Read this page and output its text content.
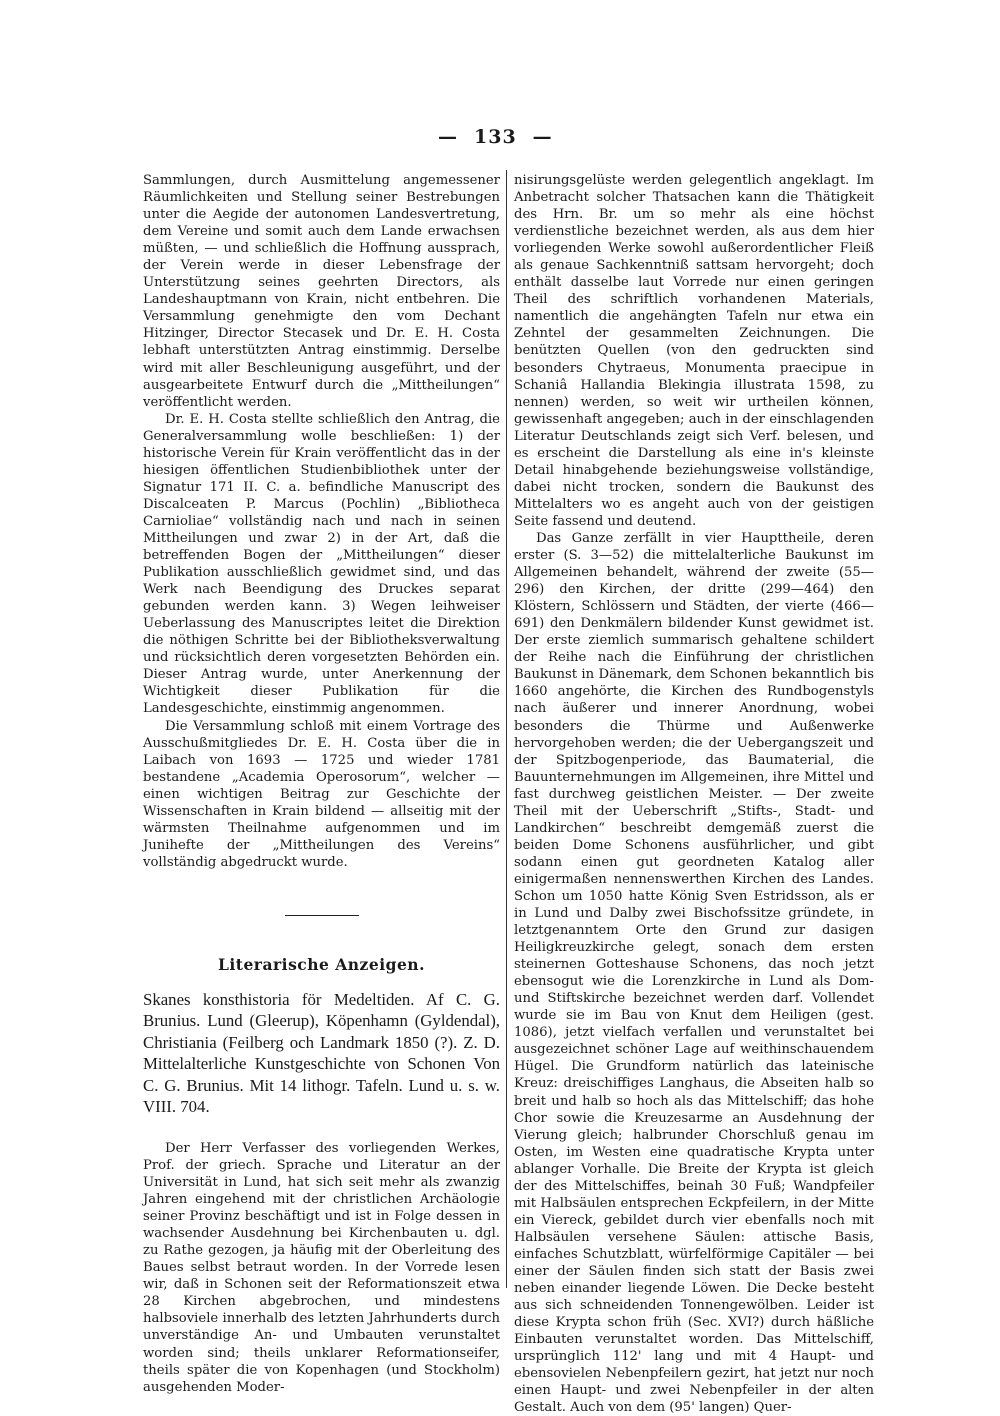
— 133 —

Sammlungen, durch Ausmittelung angemessener Räumlichkeiten und Stellung seiner Bestrebungen unter die Aegide der autonomen Landesvertretung, dem Vereine und somit auch dem Lande erwachsen müßten, — und schließlich die Hoffnung aussprach, der Verein werde in dieser Lebensfrage der Unterstützung seines geehrten Directors, als Landeshauptmann von Krain, nicht entbehren. Die Versammlung genehmigte den vom Dechant Hitzinger, Director Stecasek und Dr. E. H. Costa lebhaft unterstützten Antrag einstimmig. Derselbe wird mit aller Beschleunigung ausgeführt, und der ausgearbeitete Entwurf durch die „Mittheilungen“ veröffentlicht werden.

Dr. E. H. Costa stellte schließlich den Antrag, die Generalversammlung wolle beschließen: 1) der historische Verein für Krain veröffentlicht das in der hiesigen öffentlichen Studienbibliothek unter der Signatur 171 II. C. a. befindliche Manuscript des Discalceaten P. Marcus (Pochlin) „Bibliotheca Carnioliae“ vollständig nach und nach in seinen Mittheilungen und zwar 2) in der Art, daß die betreffenden Bogen der „Mittheilungen“ dieser Publikation ausschließlich gewidmet sind, und das Werk nach Beendigung des Druckes separat gebunden werden kann. 3) Wegen leihweiser Ueberlassung des Manuscriptes leitet die Direktion die nöthigen Schritte bei der Bibliotheksverwaltung und rücksichtlich deren vorgesetzten Behörden ein. Dieser Antrag wurde, unter Anerkennung der Wichtigkeit dieser Publikation für die Landesgeschichte, einstimmig angenommen.

Die Versammlung schloß mit einem Vortrage des Ausschußmitgliedes Dr. E. H. Costa über die in Laibach von 1693 — 1725 und wieder 1781 bestandene „Academia Operosorum“, welcher — einen wichtigen Beitrag zur Geschichte der Wissenschaften in Krain bildend — allseitig mit der wärmsten Theilnahme aufgenommen und im Junihefte der „Mittheilungen des Vereins“ vollständig abgedruckt wurde.

Literarische Anzeigen.
Skanes konsthistoria för Medeltiden. Af C. G. Brunius. Lund (Gleerup), Köpenhamn (Gyldendal), Christiania (Feilberg och Landmark 1850 (?). Z. D. Mittelalterliche Kunstgeschichte von Schonen Von C. G. Brunius. Mit 14 lithogr. Tafeln. Lund u. s. w. VIII. 704.

Der Herr Verfasser des vorliegenden Werkes, Prof. der griech. Sprache und Literatur an der Universität in Lund, hat sich seit mehr als zwanzig Jahren eingehend mit der christlichen Archäologie seiner Provinz beschäftigt und ist in Folge dessen in wachsender Ausdehnung bei Kirchenbauten u. dgl. zu Rathe gezogen, ja häufig mit der Oberleitung des Baues selbst betraut worden. In der Vorrede lesen wir, daß in Schonen seit der Reformationszeit etwa 28 Kirchen abgebrochen, und mindestens halbsoviele innerhalb des letzten Jahrhunderts durch unverständige An- und Umbauten verunstaltet worden sind; theils unklarer Reformationseifer, theils später die von Kopenhagen (und Stockholm) ausgehenden Moder-

nisirungsgelüste werden gelegentlich angeklagt. Im Anbetracht solcher Thatsachen kann die Thätigkeit des Hrn. Br. um so mehr als eine höchst verdienstliche bezeichnet werden, als aus dem hier vorliegenden Werke sowohl außerordentlicher Fleiß als genaue Sachkenntniß sattsam hervorgeht; doch enthält dasselbe laut Vorrede nur einen geringen Theil des schriftlich vorhandenen Materials, namentlich die angehängten Tafeln nur etwa ein Zehntel der gesammelten Zeichnungen. Die benützten Quellen (von den gedruckten sind besonders Chytraeus, Monumenta praecipue in Schaniâ Hallandia Blekingia illustrata 1598, zu nennen) werden, so weit wir urtheilen können, gewissenhaft angegeben; auch in der einschlagenden Literatur Deutschlands zeigt sich Verf. belesen, und es erscheint die Darstellung als eine in's kleinste Detail hinabgehende beziehungsweise vollständige, dabei nicht trocken, sondern die Baukunst des Mittelalters wo es angeht auch von der geistigen Seite fassend und deutend.

Das Ganze zerfällt in vier Haupttheile, deren erster (S. 3—52) die mittelalterliche Baukunst im Allgemeinen behandelt, während der zweite (55—296) den Kirchen, der dritte (299—464) den Klöstern, Schlössern und Städten, der vierte (466—691) den Denkmälern bildender Kunst gewidmet ist. Der erste ziemlich summarisch gehaltene schildert der Reihe nach die Einführung der christlichen Baukunst in Dänemark, dem Schonen bekanntlich bis 1660 angehörte, die Kirchen des Rundbogenstyls nach äußerer und innerer Anordnung, wobei besonders die Thürme und Außenwerke hervorgehoben werden; die der Uebergangszeit und der Spitzbogenperiode, das Baumaterial, die Bauunternehmungen im Allgemeinen, ihre Mittel und fast durchweg geistlichen Meister. — Der zweite Theil mit der Ueberschrift „Stifts-, Stadt- und Landkirchen“ beschreibt demgemäß zuerst die beiden Dome Schonens ausführlicher, und gibt sodann einen gut geordneten Katalog aller einigermaßen nennenswerthen Kirchen des Landes. Schon um 1050 hatte König Sven Estridsson, als er in Lund und Dalby zwei Bischofssitze gründete, in letztgenanntem Orte den Grund zur dasigen Heiligkreuzkirche gelegt, sonach dem ersten steinernen Gotteshause Schonens, das noch jetzt ebensogut wie die Lorenzkirche in Lund als Dom- und Stiftskirche bezeichnet werden darf. Vollendet wurde sie im Bau von Knut dem Heiligen (gest. 1086), jetzt vielfach verfallen und verunstaltet bei ausgezeichnet schöner Lage auf weithinschauendem Hügel. Die Grundform natürlich das lateinische Kreuz: dreischiffiges Langhaus, die Abseiten halb so breit und halb so hoch als das Mittelschiff; das hohe Chor sowie die Kreuzesarme an Ausdehnung der Vierung gleich; halbrunder Chorschluß genau im Osten, im Westen eine quadratische Krypta unter ablanger Vorhalle. Die Breite der Krypta ist gleich der des Mittelschiffes, beinah 30 Fuß; Wandpfeiler mit Halbsäulen entsprechen Eckpfeilern, in der Mitte ein Viereck, gebildet durch vier ebenfalls noch mit Halbsäulen versehene Säulen: attische Basis, einfaches Schutzblatt, würfelförmige Capitäler — bei einer der Säulen finden sich statt der Basis zwei neben einander liegende Löwen. Die Decke besteht aus sich schneidenden Tonnengewölben. Leider ist diese Krypta schon früh (Sec. XVI?) durch häßliche Einbauten verunstaltet worden. Das Mittelschiff, ursprünglich 112' lang und mit 4 Haupt- und ebensovielen Nebenpfeilern gezirt, hat jetzt nur noch einen Haupt- und zwei Nebenpfeiler in der alten Gestalt. Auch von dem (95' langen) Quer-
